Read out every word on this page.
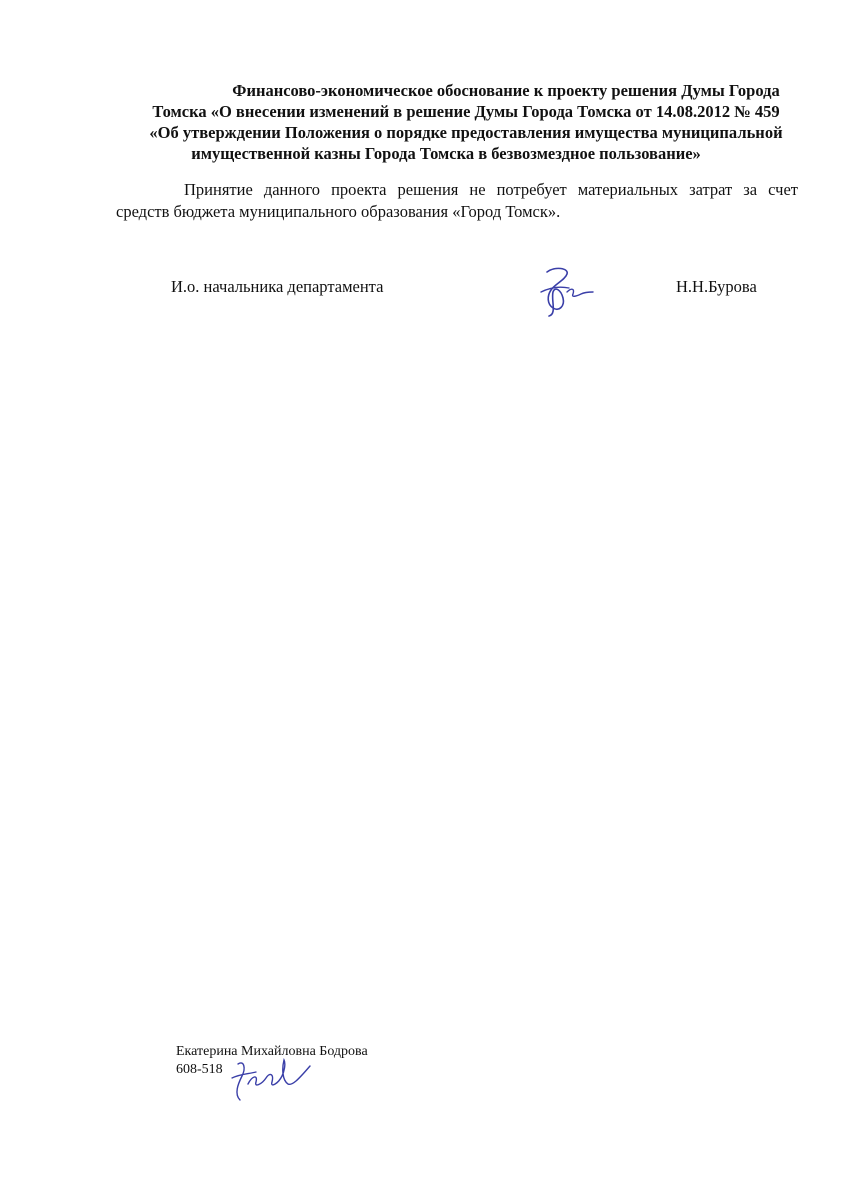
Финансово-экономическое обоснование к проекту решения Думы Города
Томска «О внесении изменений в решение Думы Города Томска от 14.08.2012 № 459
«Об утверждении Положения о порядке предоставления имущества муниципальной
имущественной казны Города Томска в безвозмездное пользование»
Принятие данного проекта решения не потребует материальных затрат за счет
средств бюджета муниципального образования «Город Томск».
И.о. начальника департамента	Н.Н.Бурова
Екатерина Михайловна Бодрова
608-518
